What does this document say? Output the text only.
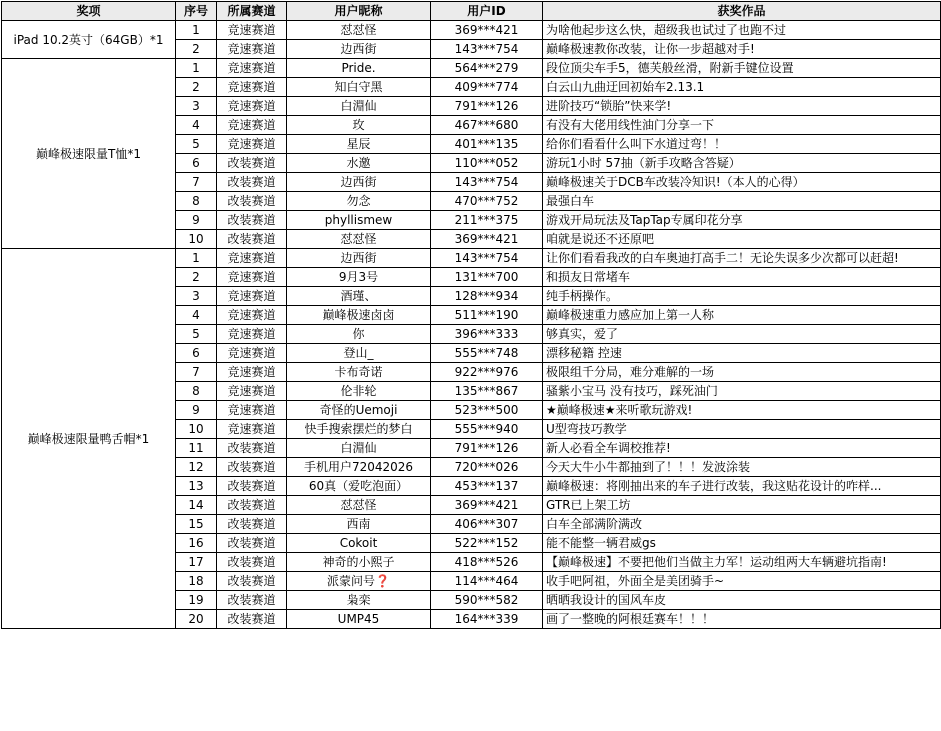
奖项	序号	所属赛道	用户昵称	用户ID	获奖作品
iPad 10.2英寸（64GB）*1	1	竞速赛道	怼怼怪	369***421	为啥他起步这么快，超级我也试过了也跑不过
	2	竞速赛道	边西街	143***754	巅峰极速教你改装，让你一步超越对手!
巅峰极速限量T恤*1	1	竞速赛道	Pride.	564***279	段位顶尖车手5，德芙般丝滑，附新手键位设置
	2	竞速赛道	知白守黑	409***774	白云山九曲迂回初始车2.13.1
	3	竞速赛道	白淵仙	791***126	进阶技巧“锁胎”快来学!
	4	竞速赛道	玫	467***680	有没有大佬用线性油门分享一下
	5	竞速赛道	星辰	401***135	给你们看看什么叫下水道过弯！！
	6	改装赛道	水邀	110***052	游玩1小时 57抽（新手攻略含答疑）
	7	改装赛道	边西街	143***754	巅峰极速关于DCB车改装冷知识!（本人的心得）
	8	改装赛道	勿念	470***752	最强白车
	9	改装赛道	phyllismew	211***375	游戏开局玩法及TapTap专属印花分享
	10	改装赛道	怼怼怪	369***421	咱就是说还不还原吧
巅峰极速限量鸭舌帽*1	1	竞速赛道	边西街	143***754	让你们看看我改的白车奥迪打高手二！无论失误多少次都可以赶超!
	2	竞速赛道	9月3号	131***700	和损友日常堵车
	3	竞速赛道	酒瑾、	128***934	纯手柄操作。
	4	竞速赛道	巅峰极速卤卤	511***190	巅峰极速重力感应加上第一人称
	5	竞速赛道	你	396***333	够真实，爱了
	6	竞速赛道	登山_	555***748	漂移秘籍 控速
	7	竞速赛道	卡布奇诺	922***976	极限组千分局，难分难解的一场
	8	竞速赛道	伦非轮	135***867	骚紫小宝马 没有技巧，踩死油门
	9	竞速赛道	奇怪的Uemoji	523***500	★巅峰极速★来听歌玩游戏!
	10	竞速赛道	快手搜索摆烂的梦白	555***940	U型弯技巧教学
	11	改装赛道	白淵仙	791***126	新人必看全车调校推荐!
	12	改装赛道	手机用户72042026	720***026	今天大牛小牛都抽到了！！！发波涂装
	13	改装赛道	60真（爱吃泡面）	453***137	巅峰极速：将刚抽出来的车子进行改装，我这贴花设计的咋样...
	14	改装赛道	怼怼怪	369***421	GTR已上架工坊
	15	改装赛道	西南	406***307	白车全部满阶满改
	16	改装赛道	Cokoit	522***152	能不能整一辆君威gs
	17	改装赛道	神奇的小熙子	418***526	【巅峰极速】不要把他们当做主力军！运动组两大车辆避坑指南!
	18	改装赛道	派蒙问号❓	114***464	收手吧阿祖，外面全是美团骑手~
	19	改装赛道	枭栾	590***582	晒晒我设计的国风车皮
	20	改装赛道	UMP45	164***339	画了一整晚的阿根廷赛车！！！
